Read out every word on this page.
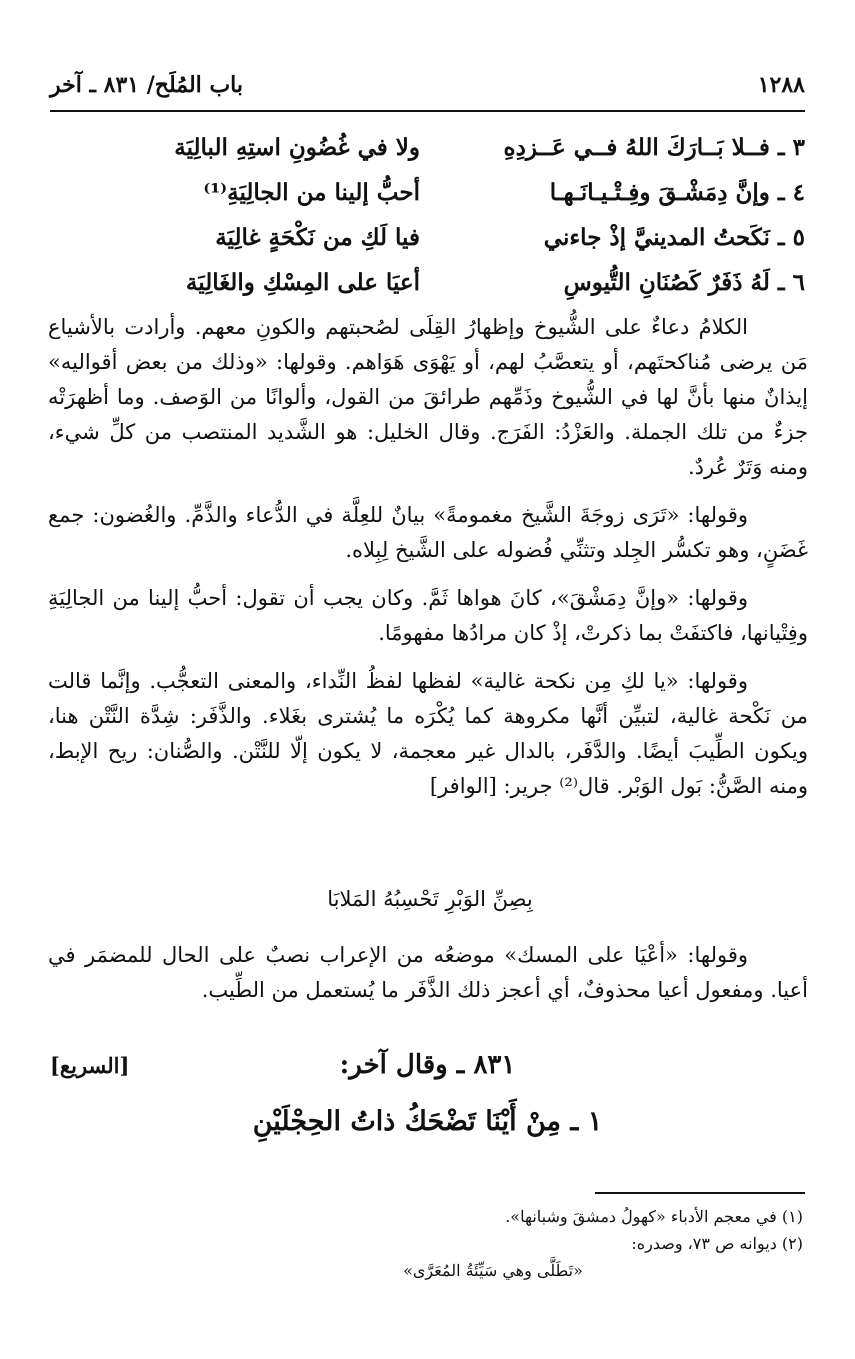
١٢٨٨
باب المُلَح/ ٨٣١ ـ آخر
٣ ـ فــلا بَــارَكَ اللهُ فــي عَــزدِهِ
ولا في غُضُونِ استِهِ البالِيَة
٤ ـ وإنَّ دِمَشْـقَ وفِـتْـيـانَـهـا
أحبُّ إلينا من الجالِيَةِ⁽¹⁾
٥ ـ نَكَحتُ المدينيَّ إذْ جاءني
فيا لَكِ من نَكْحَةٍ غالِيَة
٦ ـ لَهُ ذَفَرٌ كَصُنَانِ التُّيوسِ
أعيَا على المِسْكِ والغَالِيَة

الكلامُ دعاءٌ على الشُّيوخ وإظهارُ القِلَى لصُحبتهم والكونِ معهم. وأرادت بالأشياع مَن يرضى مُناكحتَهم، أو يتعصَّبُ لهم، أو يَهْوَى هَوَاهم. وقولها: «وذلك من بعض أقواليه» إيذانٌ منها بأنَّ لها في الشُّيوخ وذَمِّهم طرائقَ من القول، وألوانًا من الوَصف. وما أظهرَتْه جزءٌ من تلك الجملة. والعَزْدُ: الفَرَج. وقال الخليل: هو الشَّديد المنتصب من كلِّ شيء، ومنه وَتَرٌ عُردٌ.

وقولها: «تَرَى زوجَةَ الشَّيخ مغمومةً» بيانٌ للعِلَّة في الدُّعاء والذَّمِّ. والغُضون: جمع غَضَنٍ، وهو تكسُّر الجِلد وتثنِّي فُضوله على الشَّيخ لِبِلاه.

وقولها: «وإنَّ دِمَشْقَ»، كانَ هواها ثَمَّ. وكان يجب أن تقول: أحبُّ إلينا من الجالِيَةِ وفِتْيانها، فاكتفَتْ بما ذكرتْ، إذْ كان مرادُها مفهومًا.

وقولها: «يا لكِ مِن نكحة غالية» لفظها لفظُ النِّداء، والمعنى التعجُّب. وإنَّما قالت من نَكْحة غالية، لتبيِّن أنَّها مكروهة كما يُكْرَه ما يُشترى بغَلاء. والذَّفَر: شِدَّة النَّتْن هنا، ويكون الطِّيبَ أيضًا. والدَّفَر، بالدال غير معجمة، لا يكون إلّا للنَّتْن. والصُّنان: ريح الإبط، ومنه الصَّنُّ: بَول الوَبْر. قال⁽²⁾ جرير: [الوافر]

بِصِنِّ الوَبْرِ تَحْسِبُهُ المَلابَا

وقولها: «أعْيَا على المسك» موضعُه من الإعراب نصبٌ على الحال للمضمَر في أعيا. ومفعول أعيا محذوفٌ، أي أعجز ذلك الذَّفَر ما يُستعمل من الطِّيب.

٨٣١ ـ وقال آخر:
[السريع]
١ ـ مِنْ أَيْنَا تَضْحَكُ ذاتُ الحِجْلَيْنِ
(١) في معجم الأدباء «كهولُ دمشقَ وشبانها».
(٢) ديوانه ص ٧٣، وصدره:
«تَطَلَّى وهي سَيِّئَةُ المُعَرَّى»
